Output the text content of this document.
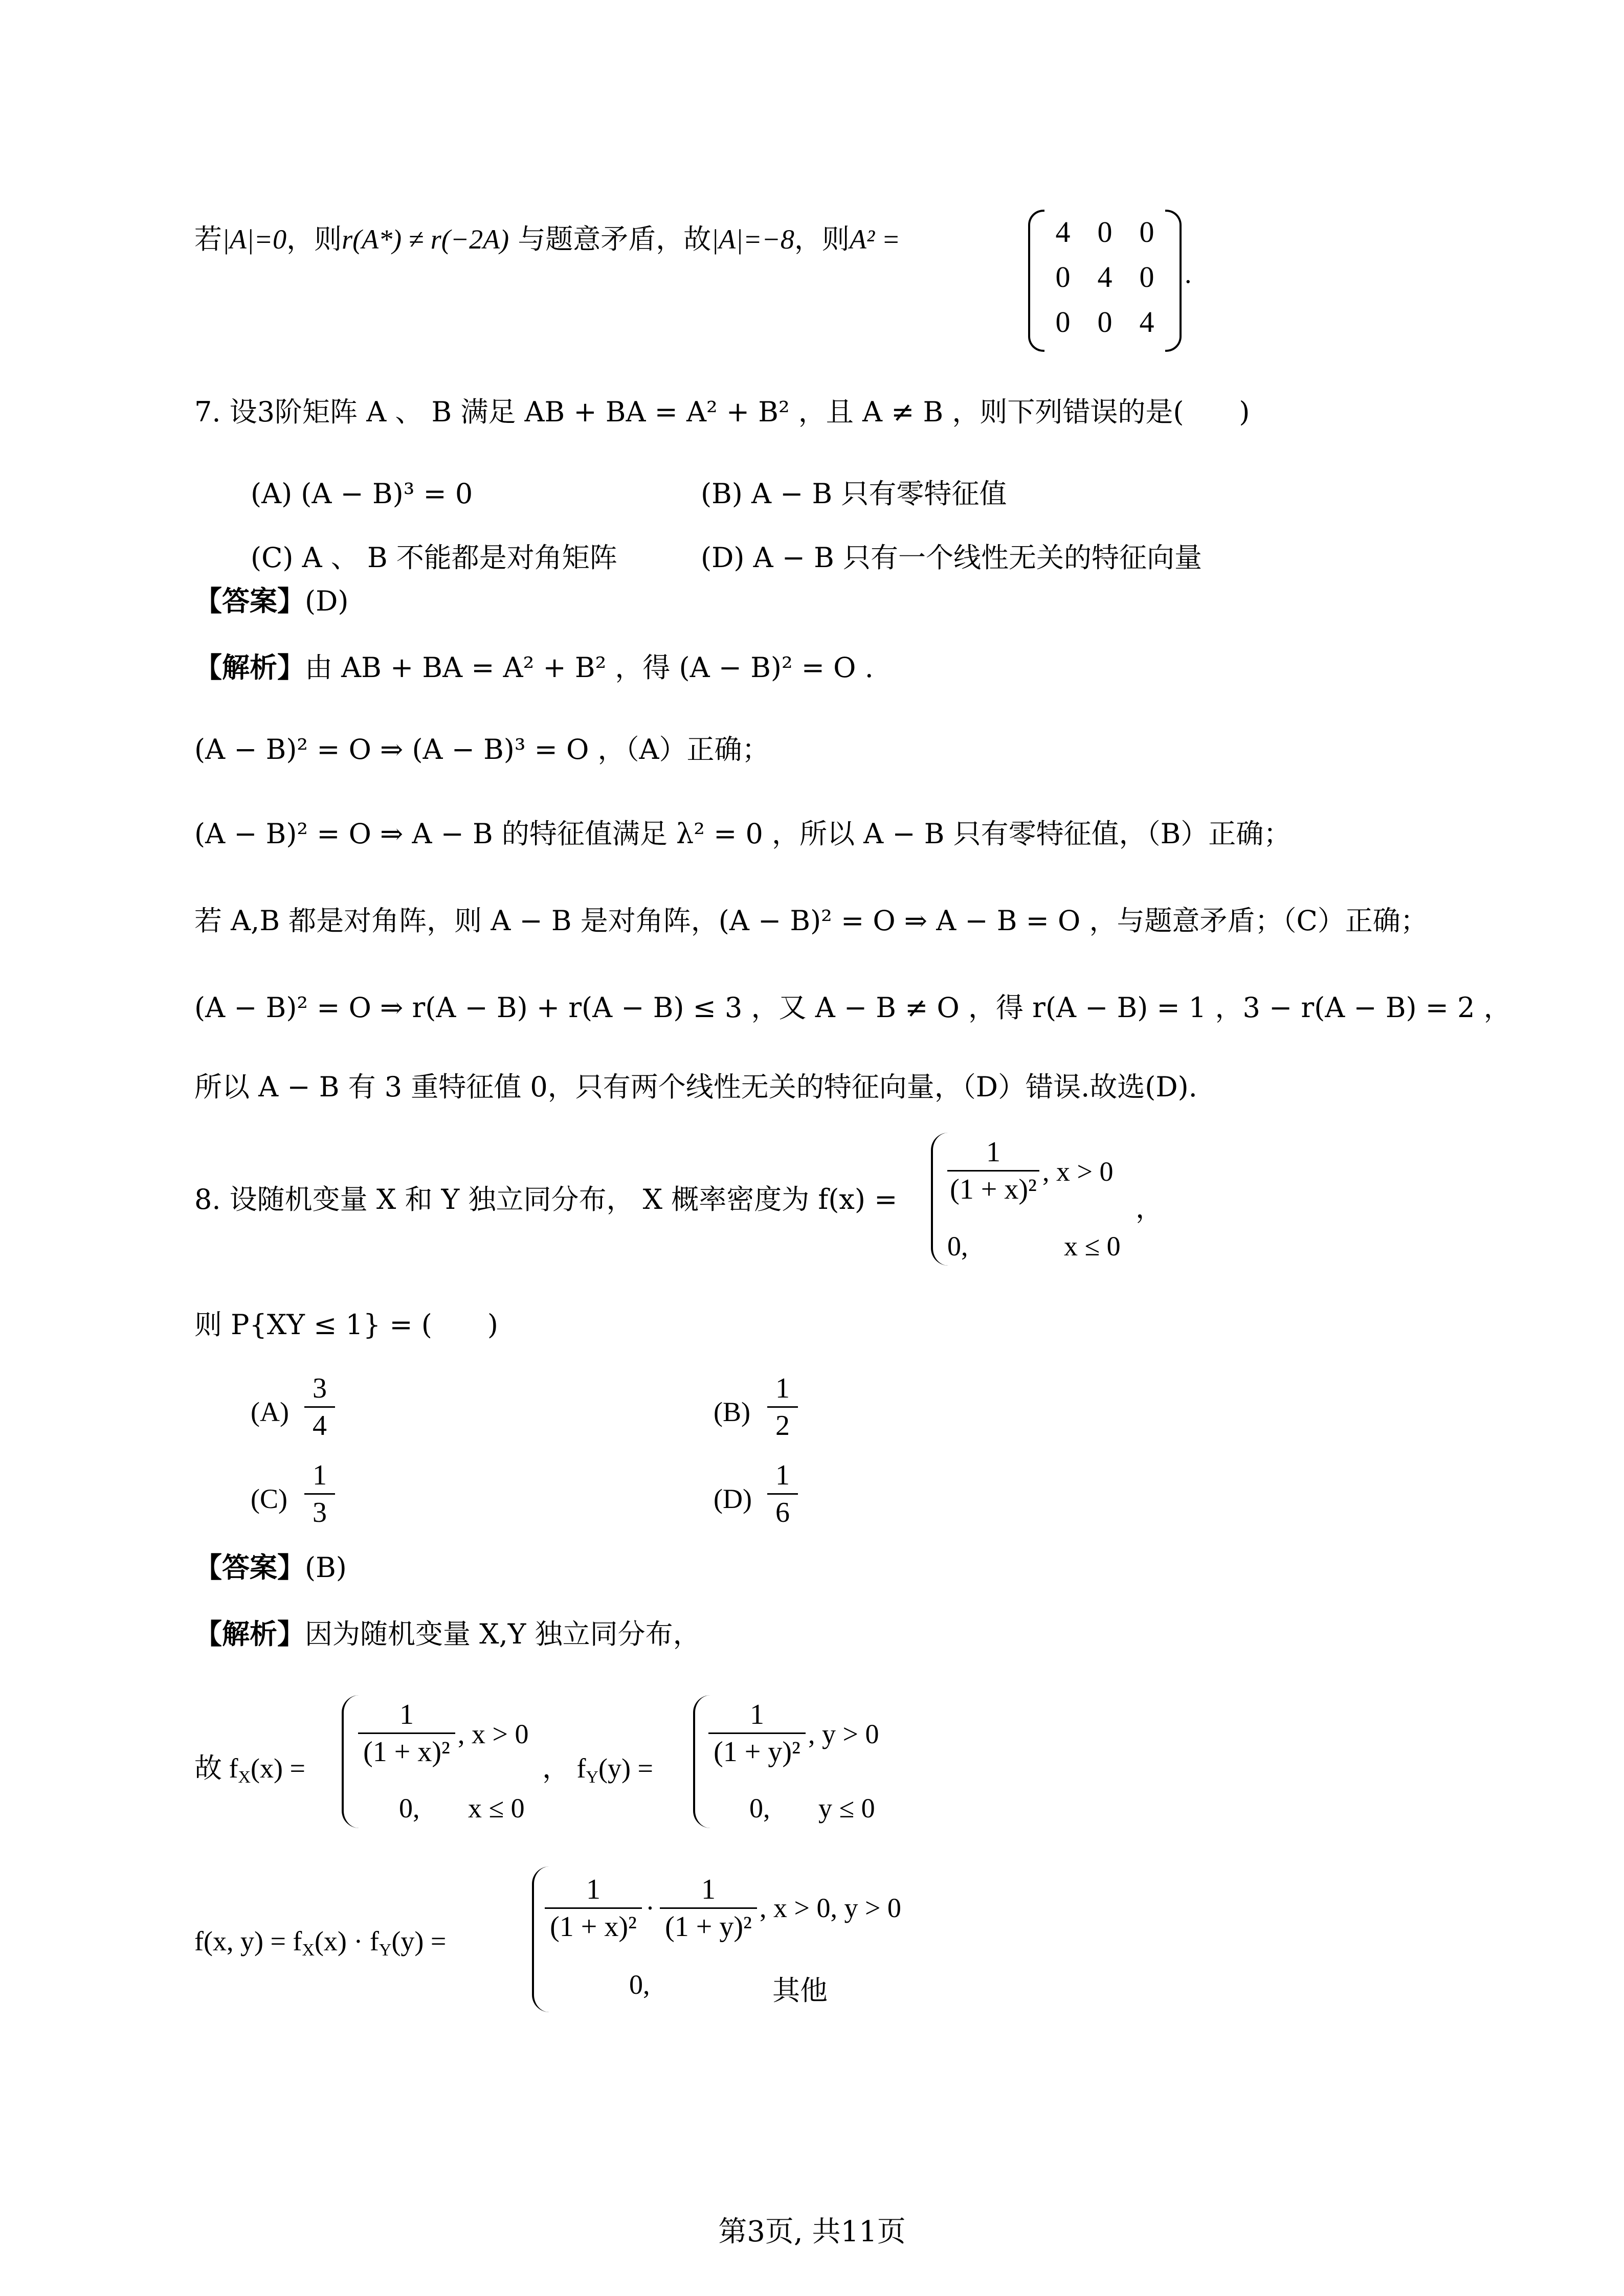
若|A|=0，则r(A*) ≠ r(−2A) 与题意矛盾，故|A|=−8，则A² =	4 0 0
0 4 0
0 0 4
.
7. 设3阶矩阵 A 、 B 满足 AB + BA = A² + B² ，且 A ≠ B ，则下列错误的是(　　)
(A) (A − B)³ = 0	(B) A − B 只有零特征值
(C) A 、 B 不能都是对角矩阵	(D) A − B 只有一个线性无关的特征向量
【答案】(D)
【解析】由 AB + BA = A² + B² ，得 (A − B)² = O .
(A − B)² = O ⇒ (A − B)³ = O ，（A）正确；
(A − B)² = O ⇒ A − B 的特征值满足 λ² = 0 ，所以 A − B 只有零特征值，（B）正确；
若 A,B 都是对角阵，则 A − B 是对角阵，(A − B)² = O ⇒ A − B = O ，与题意矛盾；（C）正确；
(A − B)² = O ⇒ r(A − B) + r(A − B) ≤ 3 ，又 A − B ≠ O ，得 r(A − B) = 1 ，3 − r(A − B) = 2 ，
所以 A − B 有 3 重特征值 0，只有两个线性无关的特征向量，（D）错误.故选(D).
8. 设随机变量 X 和 Y 独立同分布， X 概率密度为 $f(x) = \frac{1}{\text{(1 + x)²}}$ , x > 0
0,	x ≤ 0
，
则 P{XY ≤ 1} = (　　)
$(A) \frac{3}{4}$	$(B) \frac{1}{2}$
$(C) \frac{1}{3}$	$(D) \frac{1}{6}$
【答案】(B)
【解析】因为随机变量 X,Y 独立同分布，
故 $f_X(x) = \frac{1}{\text{(1 + x)²}}$ , x > 0
0, x ≤ 0
， $f_Y(y) = \frac{1}{\text{(1 + y)²}}$ , y > 0
0, y ≤ 0
f(x, $y) = f_X(x) \cdot f_Y(y)$ =	$\frac{1}{\text{(1 + x)²}} \cdot \frac{1}{\text{(1 + y)²}}$ , x > 0, y > 0
0,	其他
第3页, 共11页
